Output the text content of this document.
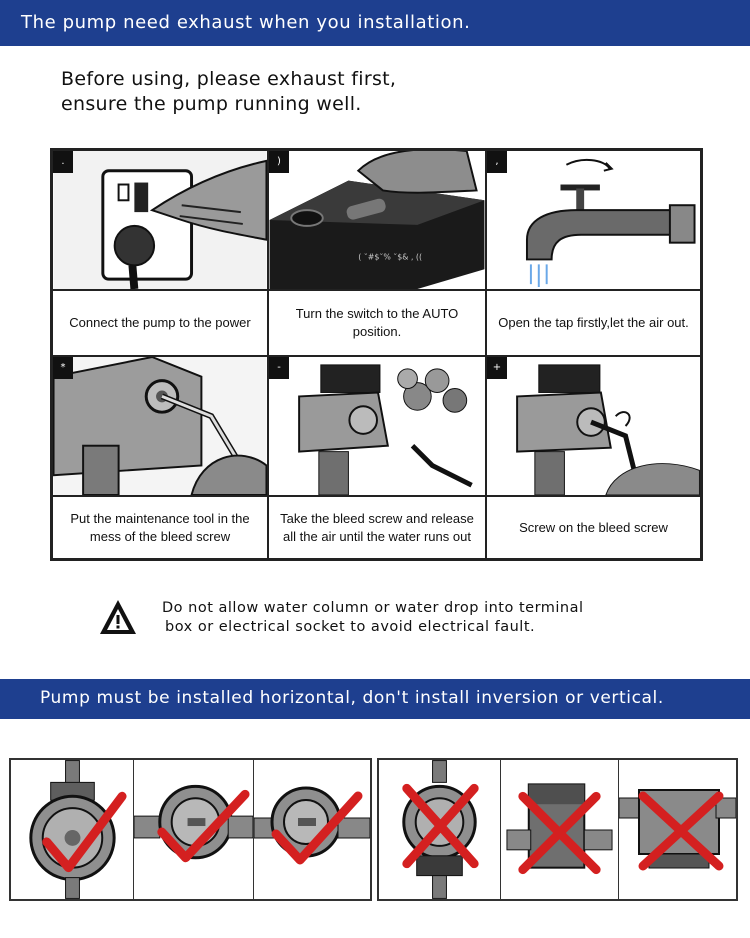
The pump need exhaust when you installation.
Before using, please exhaust first,
ensure the pump running well.
.
( ˘#$˘% ˘$& ‚ ((
)	,
Connect the pump to the power
Turn the switch to the AUTO position.
Open the tap firstly,let the air out.
*	-	+
Put the maintenance tool in the mess of the bleed screw
Take the bleed screw and release all the air until the water runs out
Screw on the bleed screw
Do not allow water column or water drop into terminal
box or electrical socket to avoid electrical fault.
Pump must be installed horizontal, don't install inversion or vertical.
